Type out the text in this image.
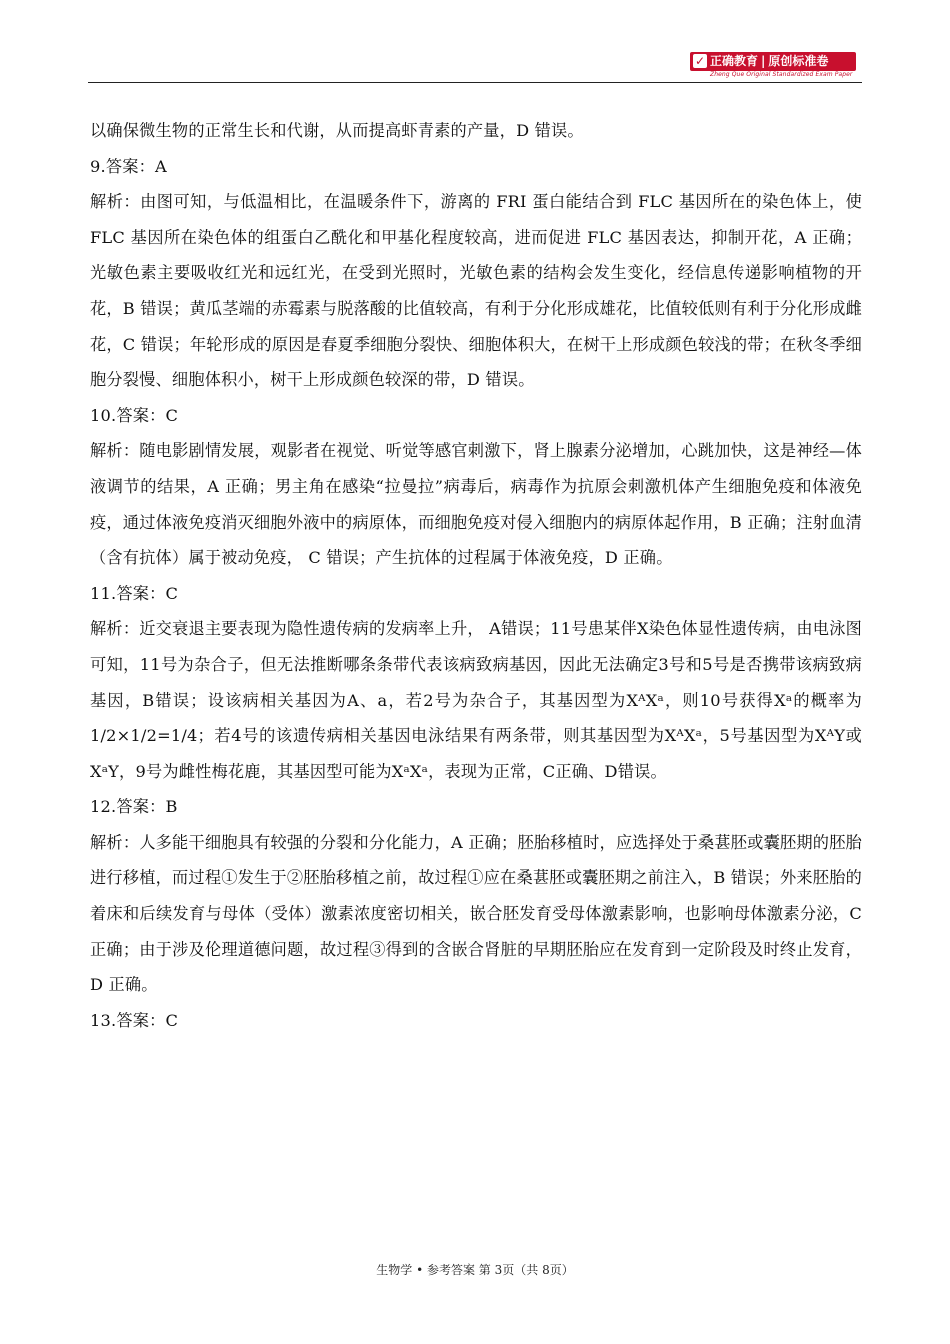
✓ 正确教育 | 原创标准卷
Zheng Que Original Standardized Exam Paper

以确保微生物的正常生长和代谢，从而提高虾青素的产量，D 错误。

9.答案：A

解析：由图可知，与低温相比，在温暖条件下，游离的 FRI 蛋白能结合到 FLC 基因所在的染色体上，使 FLC 基因所在染色体的组蛋白乙酰化和甲基化程度较高，进而促进 FLC 基因表达，抑制开花，A 正确；光敏色素主要吸收红光和远红光，在受到光照时，光敏色素的结构会发生变化，经信息传递影响植物的开花，B 错误；黄瓜茎端的赤霉素与脱落酸的比值较高，有利于分化形成雄花，比值较低则有利于分化形成雌花，C 错误；年轮形成的原因是春夏季细胞分裂快、细胞体积大，在树干上形成颜色较浅的带；在秋冬季细胞分裂慢、细胞体积小，树干上形成颜色较深的带，D 错误。

10.答案：C

解析：随电影剧情发展，观影者在视觉、听觉等感官刺激下，肾上腺素分泌增加，心跳加快，这是神经—体液调节的结果，A 正确；男主角在感染“拉曼拉”病毒后，病毒作为抗原会刺激机体产生细胞免疫和体液免疫，通过体液免疫消灭细胞外液中的病原体，而细胞免疫对侵入细胞内的病原体起作用，B 正确；注射血清（含有抗体）属于被动免疫， C 错误；产生抗体的过程属于体液免疫，D 正确。

11.答案：C

解析：近交衰退主要表现为隐性遗传病的发病率上升， A错误；11号患某伴X染色体显性遗传病，由电泳图可知，11号为杂合子，但无法推断哪条条带代表该病致病基因，因此无法确定3号和5号是否携带该病致病基因，B错误；设该病相关基因为A、a，若2号为杂合子，其基因型为XᴬXᵃ，则10号获得Xᵃ的概率为1/2×1/2=1/4；若4号的该遗传病相关基因电泳结果有两条带，则其基因型为XᴬXᵃ，5号基因型为XᴬY或XᵃY，9号为雌性梅花鹿，其基因型可能为XᵃXᵃ，表现为正常，C正确、D错误。

12.答案：B

解析：人多能干细胞具有较强的分裂和分化能力，A 正确；胚胎移植时，应选择处于桑葚胚或囊胚期的胚胎进行移植，而过程①发生于②胚胎移植之前，故过程①应在桑葚胚或囊胚期之前注入，B 错误；外来胚胎的着床和后续发育与母体（受体）激素浓度密切相关，嵌合胚发育受母体激素影响，也影响母体激素分泌，C 正确；由于涉及伦理道德问题，故过程③得到的含嵌合肾脏的早期胚胎应在发育到一定阶段及时终止发育，D 正确。

13.答案：C

生物学 • 参考答案 第 3页（共 8页）
